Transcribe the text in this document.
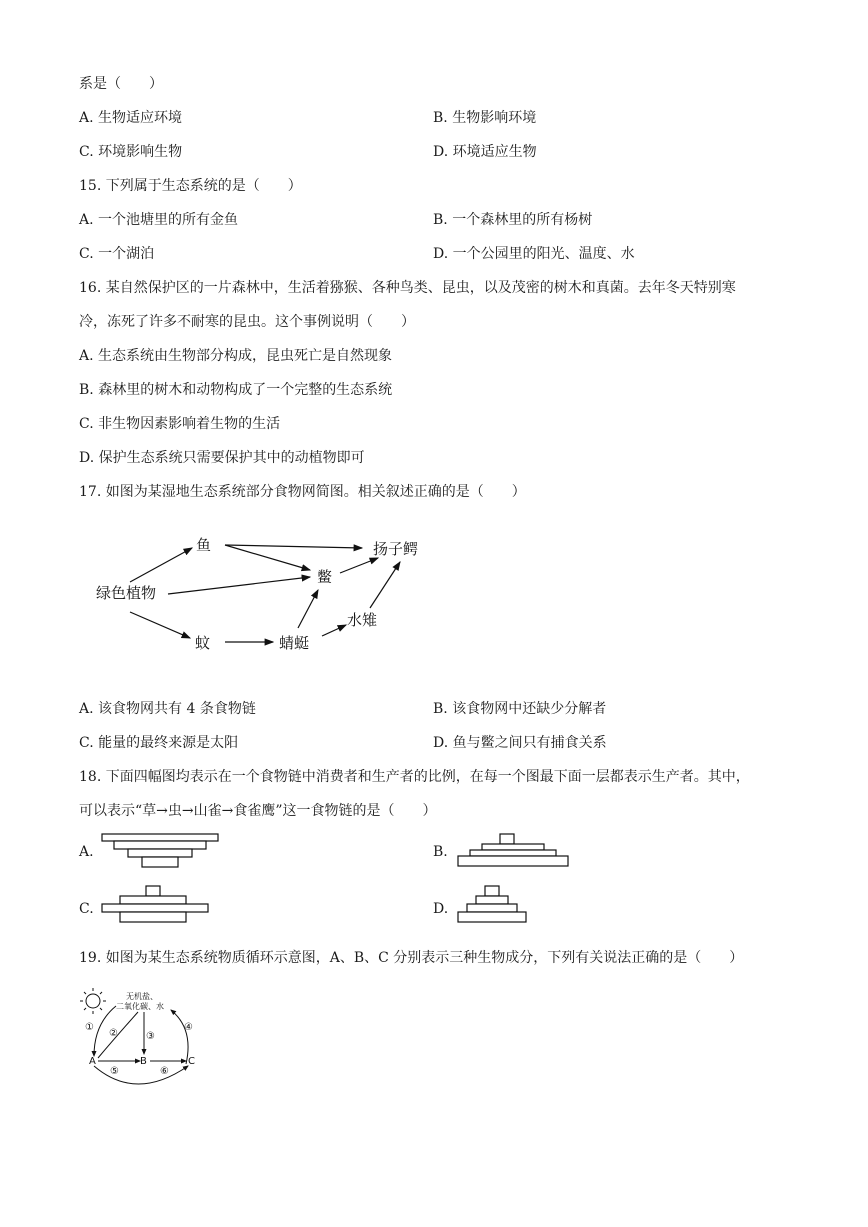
系是（　　）
A. 生物适应环境	B. 生物影响环境
C. 环境影响生物	D. 环境适应生物
15. 下列属于生态系统的是（　　）
A. 一个池塘里的所有金鱼	B. 一个森林里的所有杨树
C. 一个湖泊	D. 一个公园里的阳光、温度、水
16. 某自然保护区的一片森林中，生活着猕猴、各种鸟类、昆虫，以及茂密的树木和真菌。去年冬天特别寒
冷，冻死了许多不耐寒的昆虫。这个事例说明（　　）
A. 生态系统由生物部分构成，昆虫死亡是自然现象
B. 森林里的树木和动物构成了一个完整的生态系统
C. 非生物因素影响着生物的生活
D. 保护生态系统只需要保护其中的动植物即可
17. 如图为某湿地生态系统部分食物网简图。相关叙述正确的是（　　）
绿色植物
鱼
鳖
扬子鳄
蚊	蜻蜓
水雉
A. 该食物网共有 4 条食物链	B. 该食物网中还缺少分解者
C. 能量的最终来源是太阳	D. 鱼与鳖之间只有捕食关系
18. 下面四幅图均表示在一个食物链中消费者和生产者的比例，在每一个图最下面一层都表示生产者。其中，
可以表示“草→虫→山雀→食雀鹰”这一食物链的是（　　）
A.	B.
C.	D.
19. 如图为某生态系统物质循环示意图，A、B、C 分别表示三种生物成分，下列有关说法正确的是（　　）
无机盐、
二氧化碳、水
①
②	③
④
⑤	⑥
A	B	C
